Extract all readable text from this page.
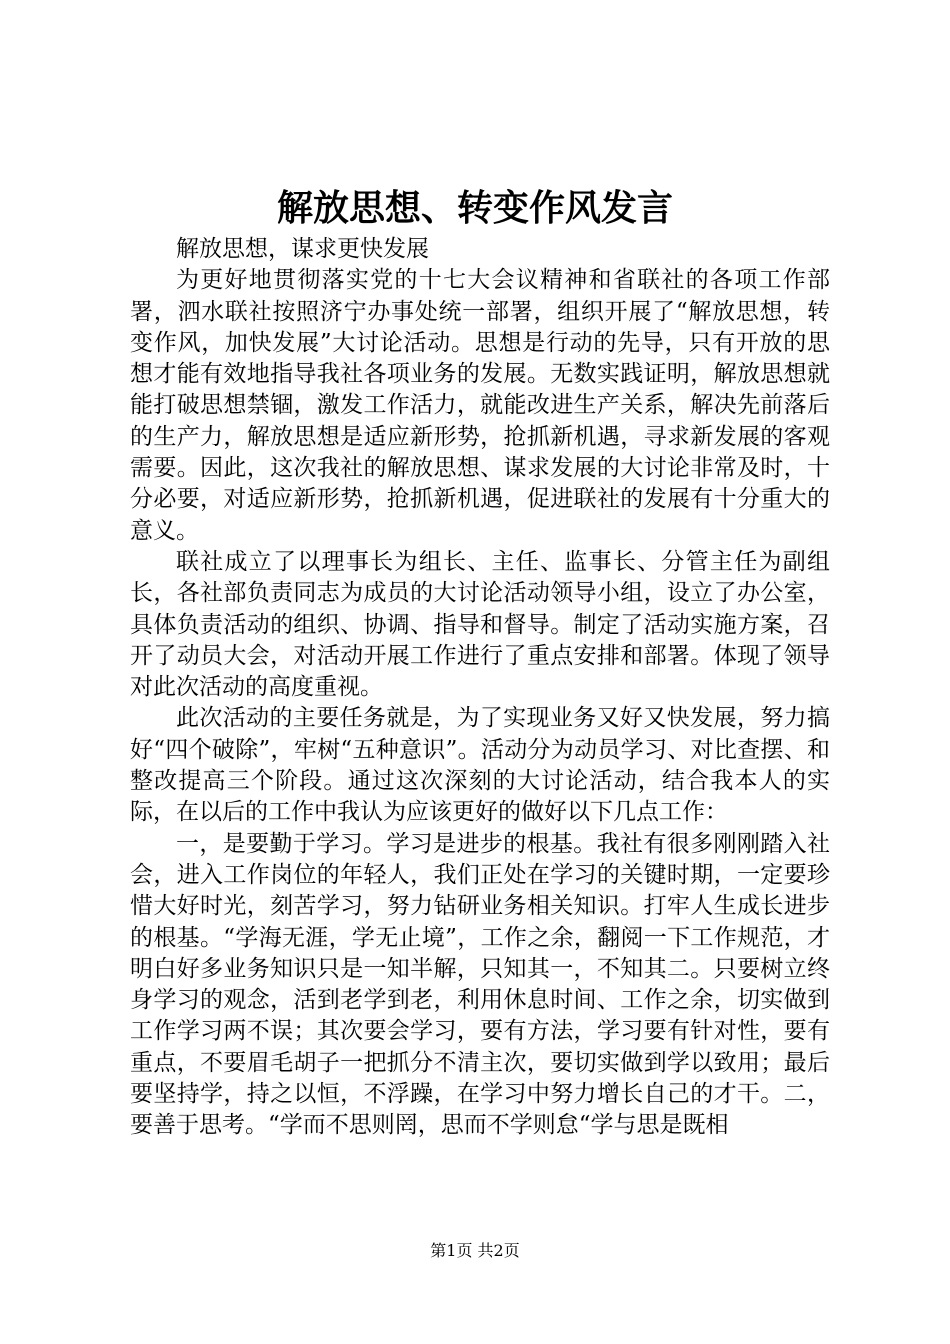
解放思想、转变作风发言

解放思想，谋求更快发展

为更好地贯彻落实党的十七大会议精神和省联社的各项工作部署，泗水联社按照济宁办事处统一部署，组织开展了“解放思想，转变作风，加快发展”大讨论活动。思想是行动的先导，只有开放的思想才能有效地指导我社各项业务的发展。无数实践证明，解放思想就能打破思想禁锢，激发工作活力，就能改进生产关系，解决先前落后的生产力，解放思想是适应新形势，抢抓新机遇，寻求新发展的客观需要。因此，这次我社的解放思想、谋求发展的大讨论非常及时，十分必要，对适应新形势，抢抓新机遇，促进联社的发展有十分重大的意义。

联社成立了以理事长为组长、主任、监事长、分管主任为副组长，各社部负责同志为成员的大讨论活动领导小组，设立了办公室，具体负责活动的组织、协调、指导和督导。制定了活动实施方案，召开了动员大会，对活动开展工作进行了重点安排和部署。体现了领导对此次活动的高度重视。

此次活动的主要任务就是，为了实现业务又好又快发展，努力搞好“四个破除”，牢树“五种意识”。活动分为动员学习、对比查摆、和整改提高三个阶段。通过这次深刻的大讨论活动，结合我本人的实际，在以后的工作中我认为应该更好的做好以下几点工作：

一，是要勤于学习。学习是进步的根基。我社有很多刚刚踏入社会，进入工作岗位的年轻人，我们正处在学习的关键时期，一定要珍惜大好时光，刻苦学习，努力钻研业务相关知识。打牢人生成长进步的根基。“学海无涯，学无止境”，工作之余，翻阅一下工作规范，才明白好多业务知识只是一知半解，只知其一，不知其二。只要树立终身学习的观念，活到老学到老，利用休息时间、工作之余，切实做到工作学习两不误；其次要会学习，要有方法，学习要有针对性，要有重点，不要眉毛胡子一把抓分不清主次，要切实做到学以致用；最后要坚持学，持之以恒，不浮躁，在学习中努力增长自己的才干。二，要善于思考。“学而不思则罔，思而不学则怠“学与思是既相

第1页 共2页
